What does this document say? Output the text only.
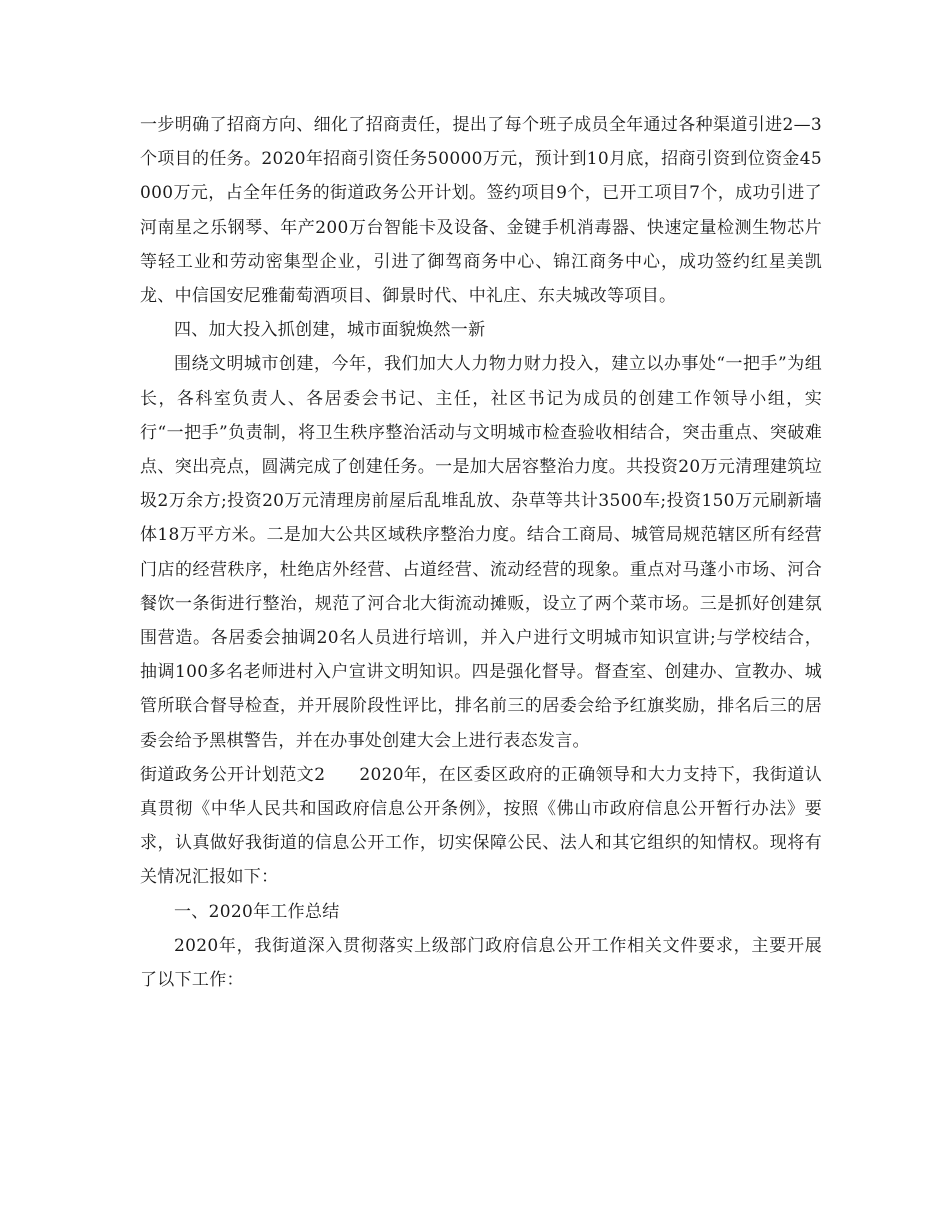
一步明确了招商方向、细化了招商责任，提出了每个班子成员全年通过各种渠道引进2—3个项目的任务。2020年招商引资任务50000万元，预计到10月底，招商引资到位资金45000万元，占全年任务的街道政务公开计划。签约项目9个，已开工项目7个，成功引进了河南星之乐钢琴、年产200万台智能卡及设备、金键手机消毒器、快速定量检测生物芯片等轻工业和劳动密集型企业，引进了御驾商务中心、锦江商务中心，成功签约红星美凯龙、中信国安尼雅葡萄酒项目、御景时代、中礼庄、东夫城改等项目。

四、加大投入抓创建，城市面貌焕然一新

围绕文明城市创建，今年，我们加大人力物力财力投入，建立以办事处“一把手”为组长，各科室负责人、各居委会书记、主任，社区书记为成员的创建工作领导小组，实行“一把手”负责制，将卫生秩序整治活动与文明城市检查验收相结合，突击重点、突破难点、突出亮点，圆满完成了创建任务。一是加大居容整治力度。共投资20万元清理建筑垃圾2万余方;投资20万元清理房前屋后乱堆乱放、杂草等共计3500车;投资150万元刷新墙体18万平方米。二是加大公共区域秩序整治力度。结合工商局、城管局规范辖区所有经营门店的经营秩序，杜绝店外经营、占道经营、流动经营的现象。重点对马蓬小市场、河合餐饮一条街进行整治，规范了河合北大街流动摊贩，设立了两个菜市场。三是抓好创建氛围营造。各居委会抽调20名人员进行培训，并入户进行文明城市知识宣讲;与学校结合，抽调100多名老师进村入户宣讲文明知识。四是强化督导。督查室、创建办、宣教办、城管所联合督导检查，并开展阶段性评比，排名前三的居委会给予红旗奖励，排名后三的居委会给予黑棋警告，并在办事处创建大会上进行表态发言。

街道政务公开计划范文2 2020年，在区委区政府的正确领导和大力支持下，我街道认真贯彻《中华人民共和国政府信息公开条例》，按照《佛山市政府信息公开暂行办法》要求，认真做好我街道的信息公开工作，切实保障公民、法人和其它组织的知情权。现将有关情况汇报如下：

一、2020年工作总结

2020年，我街道深入贯彻落实上级部门政府信息公开工作相关文件要求，主要开展了以下工作：
